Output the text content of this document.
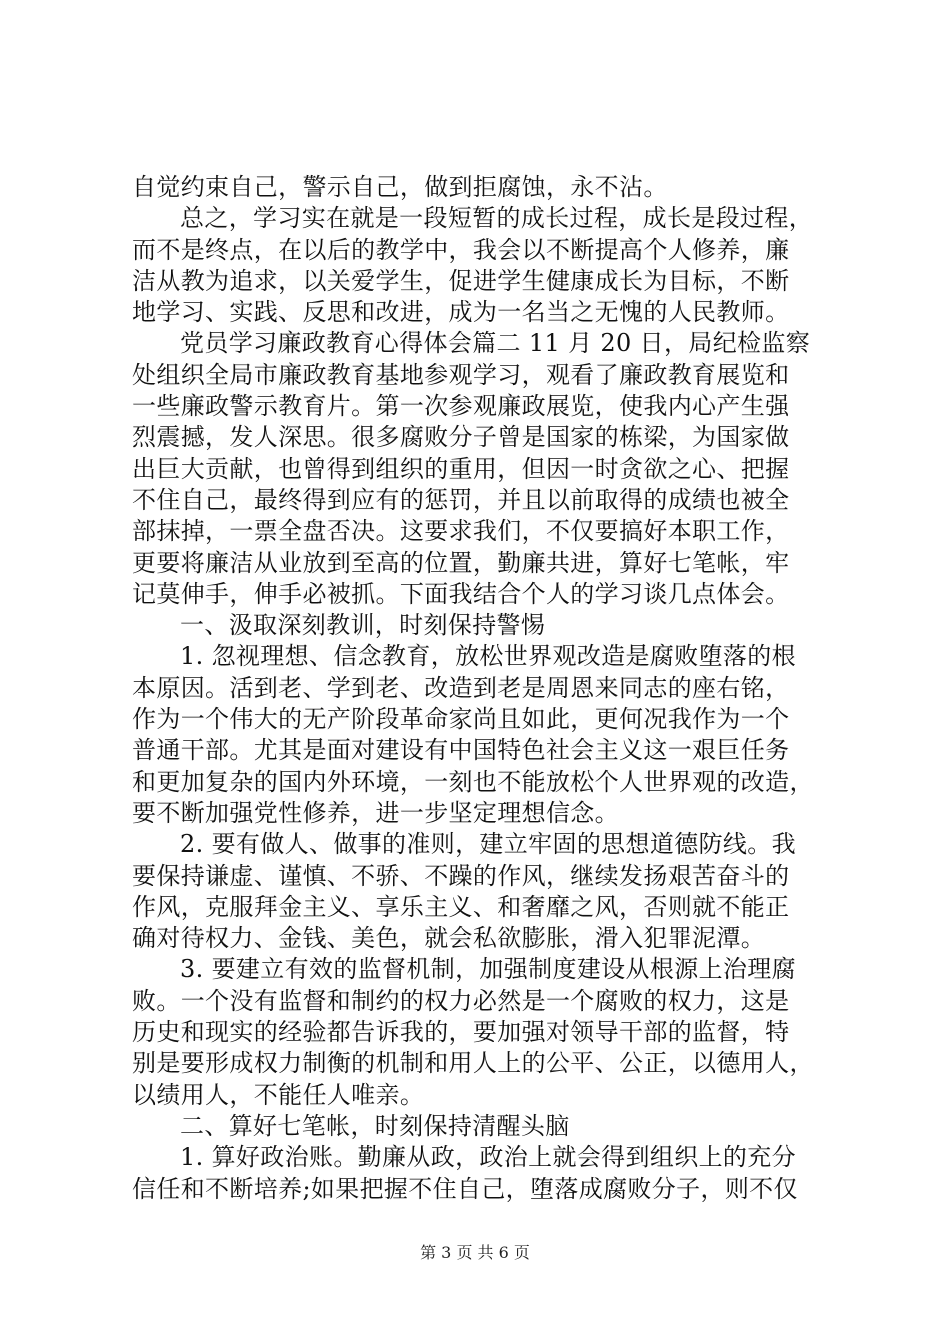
自觉约束自己，警示自己，做到拒腐蚀，永不沾。
总之，学习实在就是一段短暂的成长过程，成长是段过程，
而不是终点，在以后的教学中，我会以不断提高个人修养，廉
洁从教为追求，以关爱学生，促进学生健康成长为目标，不断
地学习、实践、反思和改进，成为一名当之无愧的人民教师。
党员学习廉政教育心得体会篇二 11 月 20 日，局纪检监察
处组织全局市廉政教育基地参观学习，观看了廉政教育展览和
一些廉政警示教育片。第一次参观廉政展览，使我内心产生强
烈震撼，发人深思。很多腐败分子曾是国家的栋梁，为国家做
出巨大贡献，也曾得到组织的重用，但因一时贪欲之心、把握
不住自己，最终得到应有的惩罚，并且以前取得的成绩也被全
部抹掉，一票全盘否决。这要求我们，不仅要搞好本职工作，
更要将廉洁从业放到至高的位置，勤廉共进，算好七笔帐，牢
记莫伸手，伸手必被抓。下面我结合个人的学习谈几点体会。
一、汲取深刻教训，时刻保持警惕
1. 忽视理想、信念教育，放松世界观改造是腐败堕落的根
本原因。活到老、学到老、改造到老是周恩来同志的座右铭，
作为一个伟大的无产阶段革命家尚且如此，更何况我作为一个
普通干部。尤其是面对建设有中国特色社会主义这一艰巨任务
和更加复杂的国内外环境，一刻也不能放松个人世界观的改造，
要不断加强党性修养，进一步坚定理想信念。
2. 要有做人、做事的准则，建立牢固的思想道德防线。我
要保持谦虚、谨慎、不骄、不躁的作风，继续发扬艰苦奋斗的
作风，克服拜金主义、享乐主义、和奢靡之风，否则就不能正
确对待权力、金钱、美色，就会私欲膨胀，滑入犯罪泥潭。
3. 要建立有效的监督机制，加强制度建设从根源上治理腐
败。一个没有监督和制约的权力必然是一个腐败的权力，这是
历史和现实的经验都告诉我的，要加强对领导干部的监督，特
别是要形成权力制衡的机制和用人上的公平、公正，以德用人，
以绩用人，不能任人唯亲。
二、算好七笔帐，时刻保持清醒头脑
1. 算好政治账。勤廉从政，政治上就会得到组织上的充分
信任和不断培养;如果把握不住自己，堕落成腐败分子，则不仅
第 3 页 共 6 页
